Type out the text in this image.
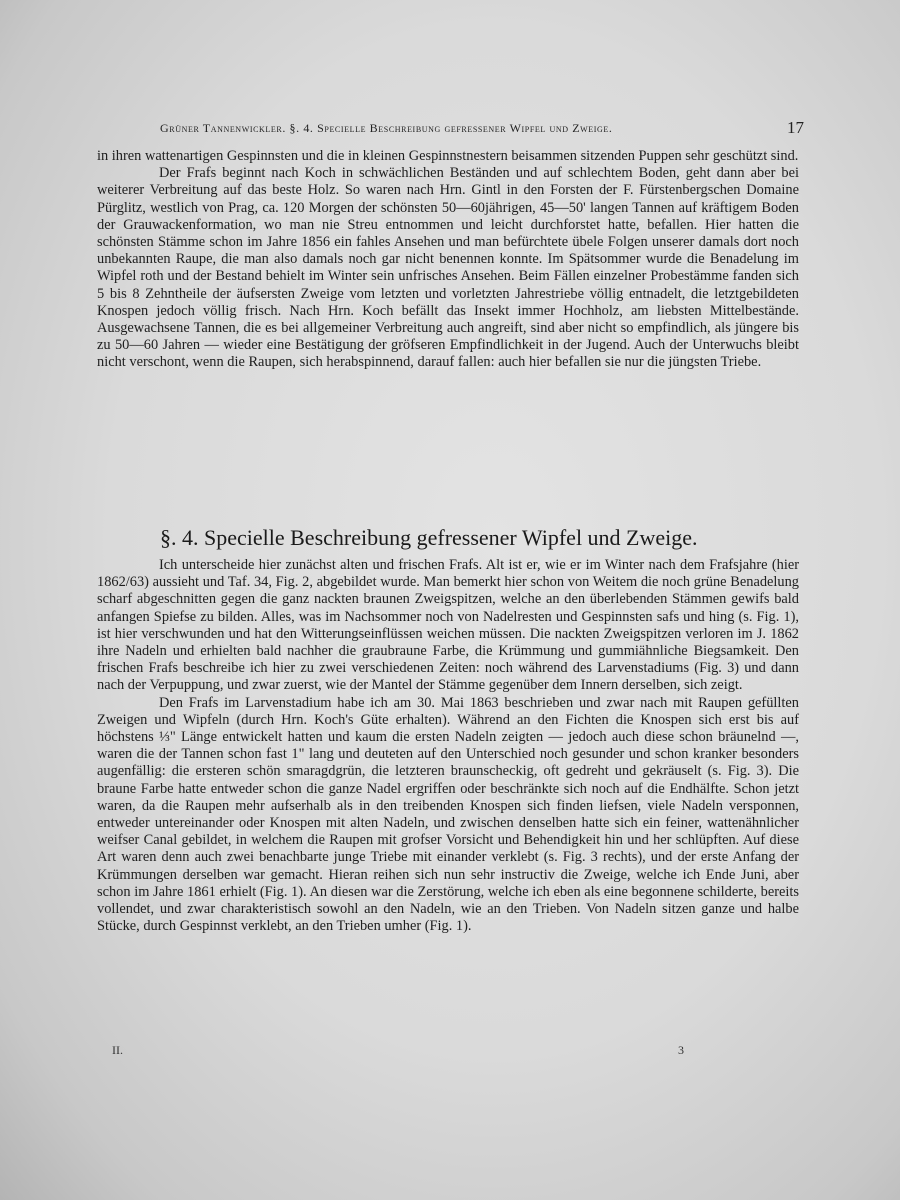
Grüner Tannenwickler. §. 4. Specielle Beschreibung gefressener Wipfel und Zweige.	17

in ihren wattenartigen Gespinnsten und die in kleinen Gespinnstnestern beisammen sitzenden Puppen sehr geschützt sind.

Der Frafs beginnt nach Koch in schwächlichen Beständen und auf schlechtem Boden, geht dann aber bei weiterer Verbreitung auf das beste Holz. So waren nach Hrn. Gintl in den Forsten der F. Fürstenbergschen Domaine Pürglitz, westlich von Prag, ca. 120 Morgen der schönsten 50—60jährigen, 45—50' langen Tannen auf kräftigem Boden der Grauwackenformation, wo man nie Streu entnommen und leicht durchforstet hatte, befallen. Hier hatten die schönsten Stämme schon im Jahre 1856 ein fahles Ansehen und man befürchtete übele Folgen unserer damals dort noch unbekannten Raupe, die man also damals noch gar nicht benennen konnte. Im Spätsommer wurde die Benadelung im Wipfel roth und der Bestand behielt im Winter sein unfrisches Ansehen. Beim Fällen einzelner Probestämme fanden sich 5 bis 8 Zehntheile der äufsersten Zweige vom letzten und vorletzten Jahrestriebe völlig entnadelt, die letztgebildeten Knospen jedoch völlig frisch. Nach Hrn. Koch befällt das Insekt immer Hochholz, am liebsten Mittelbestände. Ausgewachsene Tannen, die es bei allgemeiner Verbreitung auch angreift, sind aber nicht so empfindlich, als jüngere bis zu 50—60 Jahren — wieder eine Bestätigung der gröfseren Empfindlichkeit in der Jugend. Auch der Unterwuchs bleibt nicht verschont, wenn die Raupen, sich herabspinnend, darauf fallen: auch hier befallen sie nur die jüngsten Triebe.

§. 4. Specielle Beschreibung gefressener Wipfel und Zweige.

Ich unterscheide hier zunächst alten und frischen Frafs. Alt ist er, wie er im Winter nach dem Frafsjahre (hier 1862/63) aussieht und Taf. 34, Fig. 2, abgebildet wurde. Man bemerkt hier schon von Weitem die noch grüne Benadelung scharf abgeschnitten gegen die ganz nackten braunen Zweigspitzen, welche an den überlebenden Stämmen gewifs bald anfangen Spiefse zu bilden. Alles, was im Nachsommer noch von Nadelresten und Gespinnsten safs und hing (s. Fig. 1), ist hier verschwunden und hat den Witterungseinflüssen weichen müssen. Die nackten Zweigspitzen verloren im J. 1862 ihre Nadeln und erhielten bald nachher die graubraune Farbe, die Krümmung und gummiähnliche Biegsamkeit. Den frischen Frafs beschreibe ich hier zu zwei verschiedenen Zeiten: noch während des Larvenstadiums (Fig. 3) und dann nach der Verpuppung, und zwar zuerst, wie der Mantel der Stämme gegenüber dem Innern derselben, sich zeigt.

Den Frafs im Larvenstadium habe ich am 30. Mai 1863 beschrieben und zwar nach mit Raupen gefüllten Zweigen und Wipfeln (durch Hrn. Koch's Güte erhalten). Während an den Fichten die Knospen sich erst bis auf höchstens ⅓" Länge entwickelt hatten und kaum die ersten Nadeln zeigten — jedoch auch diese schon bräunelnd —, waren die der Tannen schon fast 1" lang und deuteten auf den Unterschied noch gesunder und schon kranker besonders augenfällig: die ersteren schön smaragdgrün, die letzteren braunscheckig, oft gedreht und gekräuselt (s. Fig. 3). Die braune Farbe hatte entweder schon die ganze Nadel ergriffen oder beschränkte sich noch auf die Endhälfte. Schon jetzt waren, da die Raupen mehr aufserhalb als in den treibenden Knospen sich finden liefsen, viele Nadeln versponnen, entweder untereinander oder Knospen mit alten Nadeln, und zwischen denselben hatte sich ein feiner, wattenähnlicher weifser Canal gebildet, in welchem die Raupen mit grofser Vorsicht und Behendigkeit hin und her schlüpften. Auf diese Art waren denn auch zwei benachbarte junge Triebe mit einander verklebt (s. Fig. 3 rechts), und der erste Anfang der Krümmungen derselben war gemacht. Hieran reihen sich nun sehr instructiv die Zweige, welche ich Ende Juni, aber schon im Jahre 1861 erhielt (Fig. 1). An diesen war die Zerstörung, welche ich eben als eine begonnene schilderte, bereits vollendet, und zwar charakteristisch sowohl an den Nadeln, wie an den Trieben. Von Nadeln sitzen ganze und halbe Stücke, durch Gespinnst verklebt, an den Trieben umher (Fig. 1).

II.	3
